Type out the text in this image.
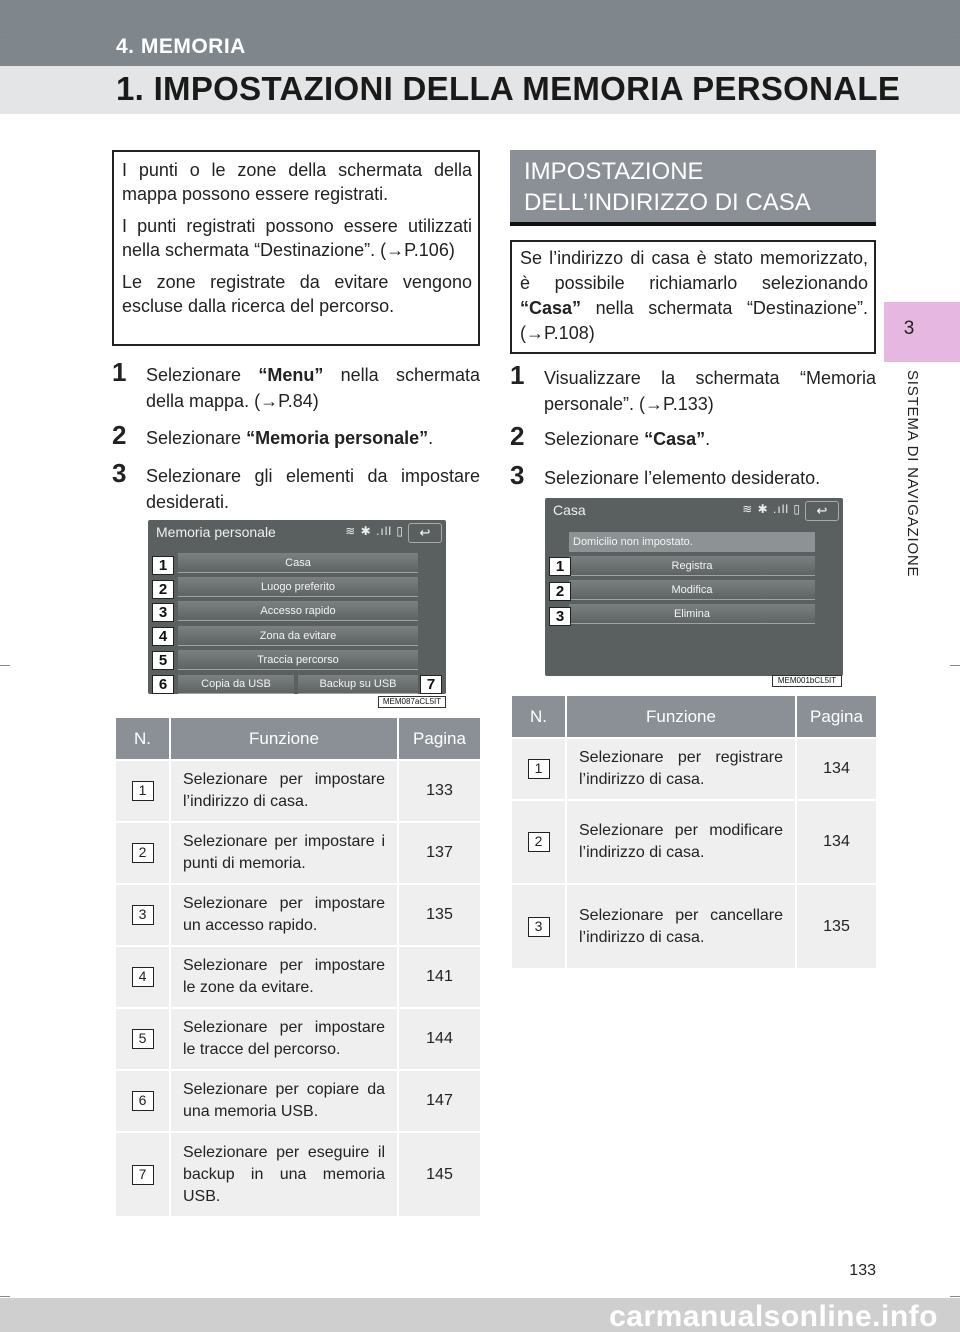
4. MEMORIA
1. IMPOSTAZIONI DELLA MEMORIA PERSONALE
3
SISTEMA DI NAVIGAZIONE

I punti o le zone della schermata della mappa possono essere registrati.

I punti registrati possono essere utilizzati nella schermata “Destinazione”. (→P.106)

Le zone registrate da evitare vengono escluse dalla ricerca del percorso.

1 Selezionare “Menu” nella schermata della mappa. (→P.84)
2 Selezionare “Memoria personale”.
3 Selezionare gli elementi da impostare desiderati.
Memoria personale	≋ ✱ .ıll ▯	↩
Casa
Luogo preferito
Accesso rapido
Zona da evitare
Traccia percorso
Copia da USB	Backup su USB
1
2
3
4
5
6	7
MEM087aCL5IT
N.	Funzione	Pagina
1	Selezionare per impostare l’indirizzo di casa.	133
2	Selezionare per impostare i punti di memoria.	137
3	Selezionare per impostare un accesso rapido.	135
4	Selezionare per impostare le zone da evitare.	141
5	Selezionare per impostare le tracce del percorso.	144
6	Selezionare per copiare da una memoria USB.	147
7	Selezionare per eseguire il backup in una memoria USB.	145
IMPOSTAZIONE DELL’INDIRIZZO DI CASA

Se l’indirizzo di casa è stato memorizzato, è possibile richiamarlo selezionando “Casa” nella schermata “Destinazione”. (→P.108)

1 Visualizzare la schermata “Memoria personale”. (→P.133)
2 Selezionare “Casa”.
3 Selezionare l’elemento desiderato.
Casa	≋ ✱ .ıll ▯	↩
Domicilio non impostato.
Registra
Modifica
Elimina
1
2
3
MEM001bCL5IT
N.	Funzione	Pagina
1	Selezionare per registrare l’indirizzo di casa.	134
2	Selezionare per modificare l’indirizzo di casa.	134
3	Selezionare per cancellare l’indirizzo di casa.	135
133
carmanualsonline.info
